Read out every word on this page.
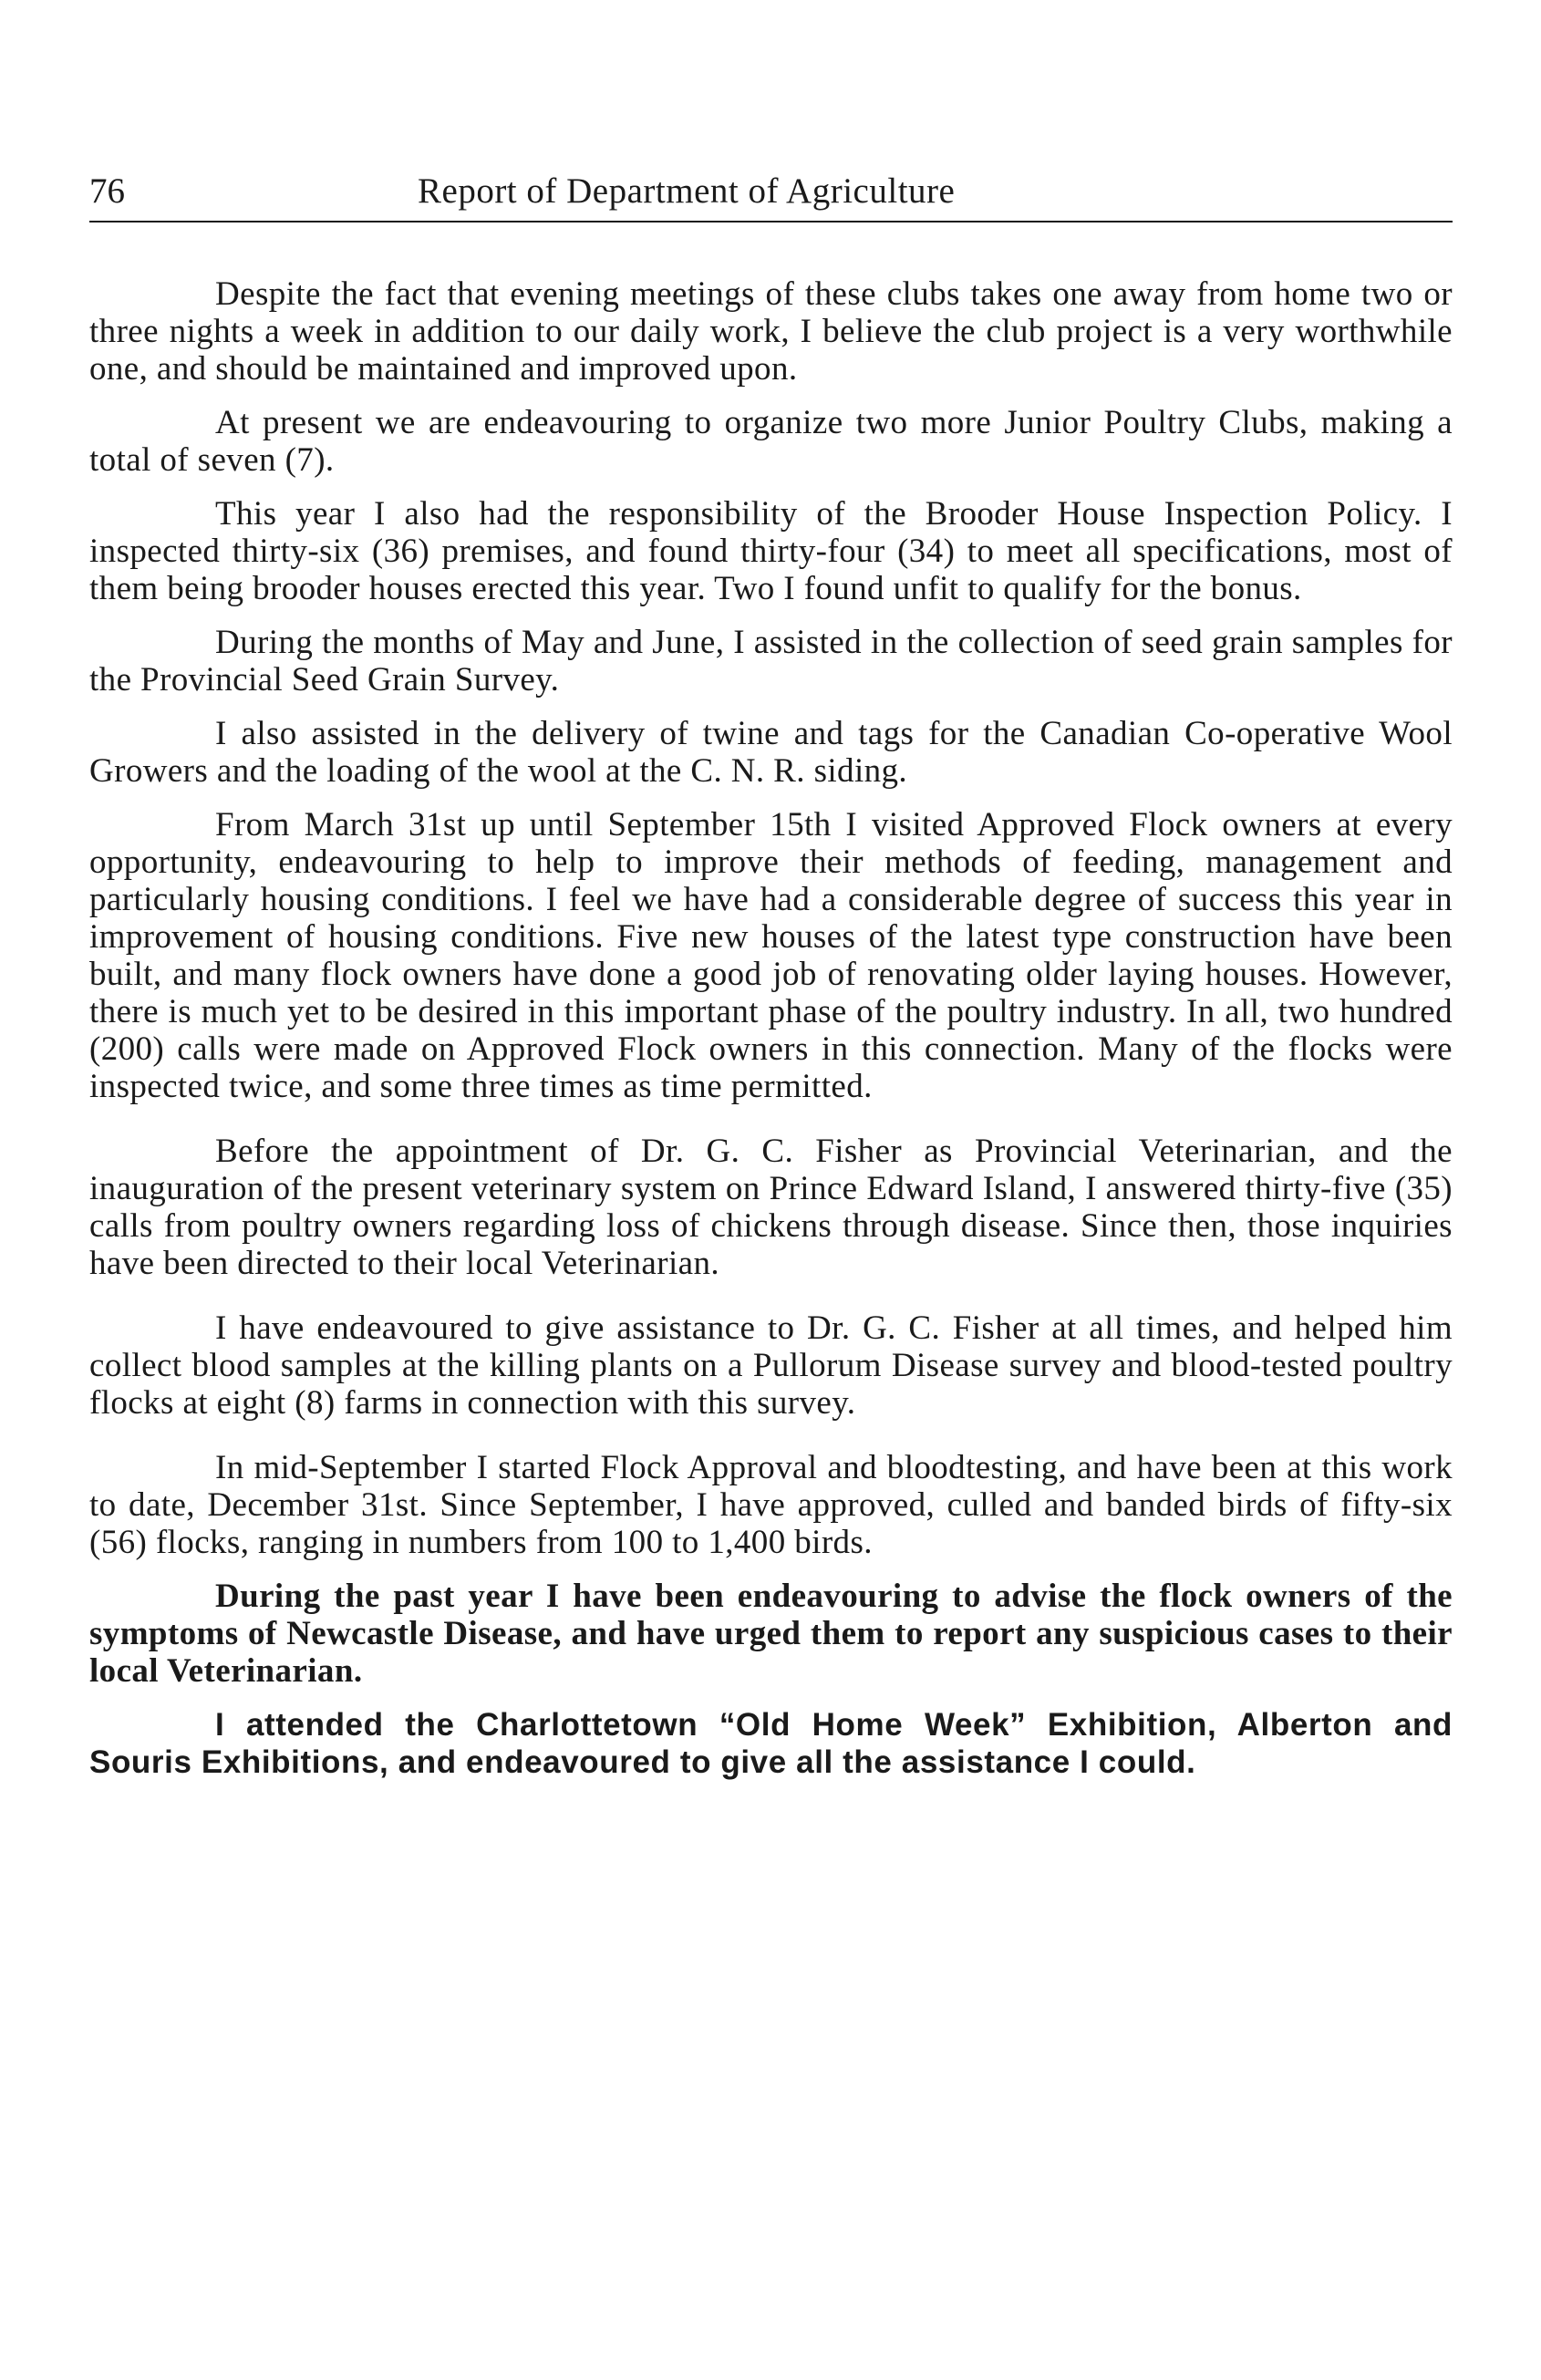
76	Report of Department of Agriculture

Despite the fact that evening meetings of these clubs takes one away from home two or three nights a week in addition to our daily work, I believe the club project is a very worthwhile one, and should be maintained and improved upon.

At present we are endeavouring to organize two more Junior Poultry Clubs, making a total of seven (7).

This year I also had the responsibility of the Brooder House Inspection Policy. I inspected thirty-six (36) premises, and found thirty-four (34) to meet all specifications, most of them being brooder houses erected this year. Two I found unfit to qualify for the bonus.

During the months of May and June, I assisted in the collection of seed grain samples for the Provincial Seed Grain Survey.

I also assisted in the delivery of twine and tags for the Canadian Co-operative Wool Growers and the loading of the wool at the C. N. R. siding.

From March 31st up until September 15th I visited Approved Flock owners at every opportunity, endeavouring to help to improve their methods of feeding, management and particularly housing conditions. I feel we have had a considerable degree of success this year in improvement of housing conditions. Five new houses of the latest type construction have been built, and many flock owners have done a good job of renovating older laying houses. However, there is much yet to be desired in this important phase of the poultry industry. In all, two hundred (200) calls were made on Approved Flock owners in this connection. Many of the flocks were inspected twice, and some three times as time permitted.

Before the appointment of Dr. G. C. Fisher as Provincial Veterinarian, and the inauguration of the present veterinary system on Prince Edward Island, I answered thirty-five (35) calls from poultry owners regarding loss of chickens through disease. Since then, those inquiries have been directed to their local Veterinarian.

I have endeavoured to give assistance to Dr. G. C. Fisher at all times, and helped him collect blood samples at the killing plants on a Pullorum Disease survey and blood-tested poultry flocks at eight (8) farms in connection with this survey.

In mid-September I started Flock Approval and bloodtesting, and have been at this work to date, December 31st. Since September, I have approved, culled and banded birds of fifty-six (56) flocks, ranging in numbers from 100 to 1,400 birds.

During the past year I have been endeavouring to advise the flock owners of the symptoms of Newcastle Disease, and have urged them to report any suspicious cases to their local Veterinarian.

I attended the Charlottetown “Old Home Week” Exhibition, Alberton and Souris Exhibitions, and endeavoured to give all the assistance I could.
